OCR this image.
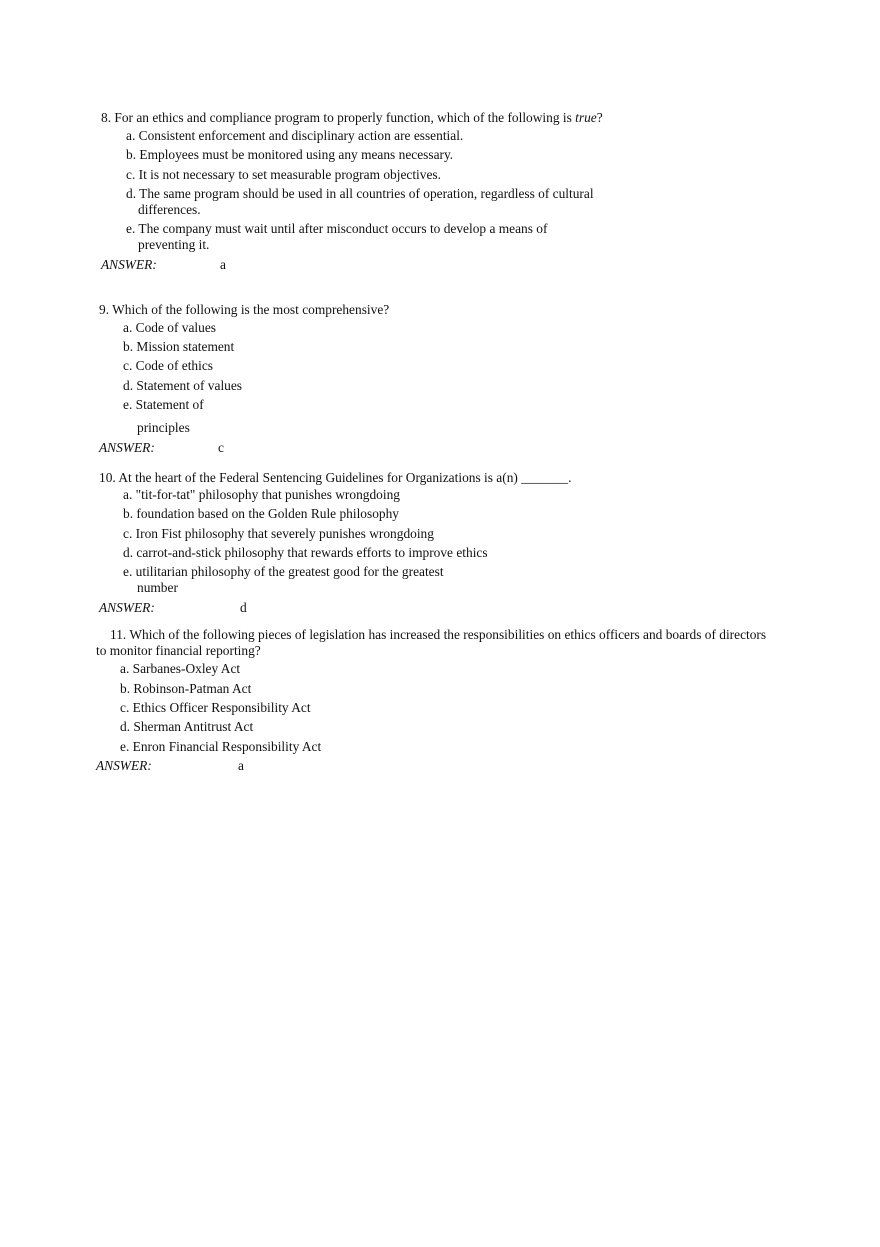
8. For an ethics and compliance program to properly function, which of the following is true?
a. Consistent enforcement and disciplinary action are essential.
b. Employees must be monitored using any means necessary.
c. It is not necessary to set measurable program objectives.
d. The same program should be used in all countries of operation, regardless of cultural
differences.
e. The company must wait until after misconduct occurs to develop a means of
preventing it.
ANSWER:	a
9. Which of the following is the most comprehensive?
a. Code of values
b. Mission statement
c. Code of ethics
d. Statement of values
e. Statement of
principles
ANSWER:	c
10. At the heart of the Federal Sentencing Guidelines for Organizations is a(n) _______.
a. "tit-for-tat" philosophy that punishes wrongdoing
b. foundation based on the Golden Rule philosophy
c. Iron Fist philosophy that severely punishes wrongdoing
d. carrot-and-stick philosophy that rewards efforts to improve ethics
e. utilitarian philosophy of the greatest good for the greatest
number
ANSWER:	d
11. Which of the following pieces of legislation has increased the responsibilities on ethics officers and boards of directors
to monitor financial reporting?
a. Sarbanes-Oxley Act
b. Robinson-Patman Act
c. Ethics Officer Responsibility Act
d. Sherman Antitrust Act
e. Enron Financial Responsibility Act
ANSWER:	a
